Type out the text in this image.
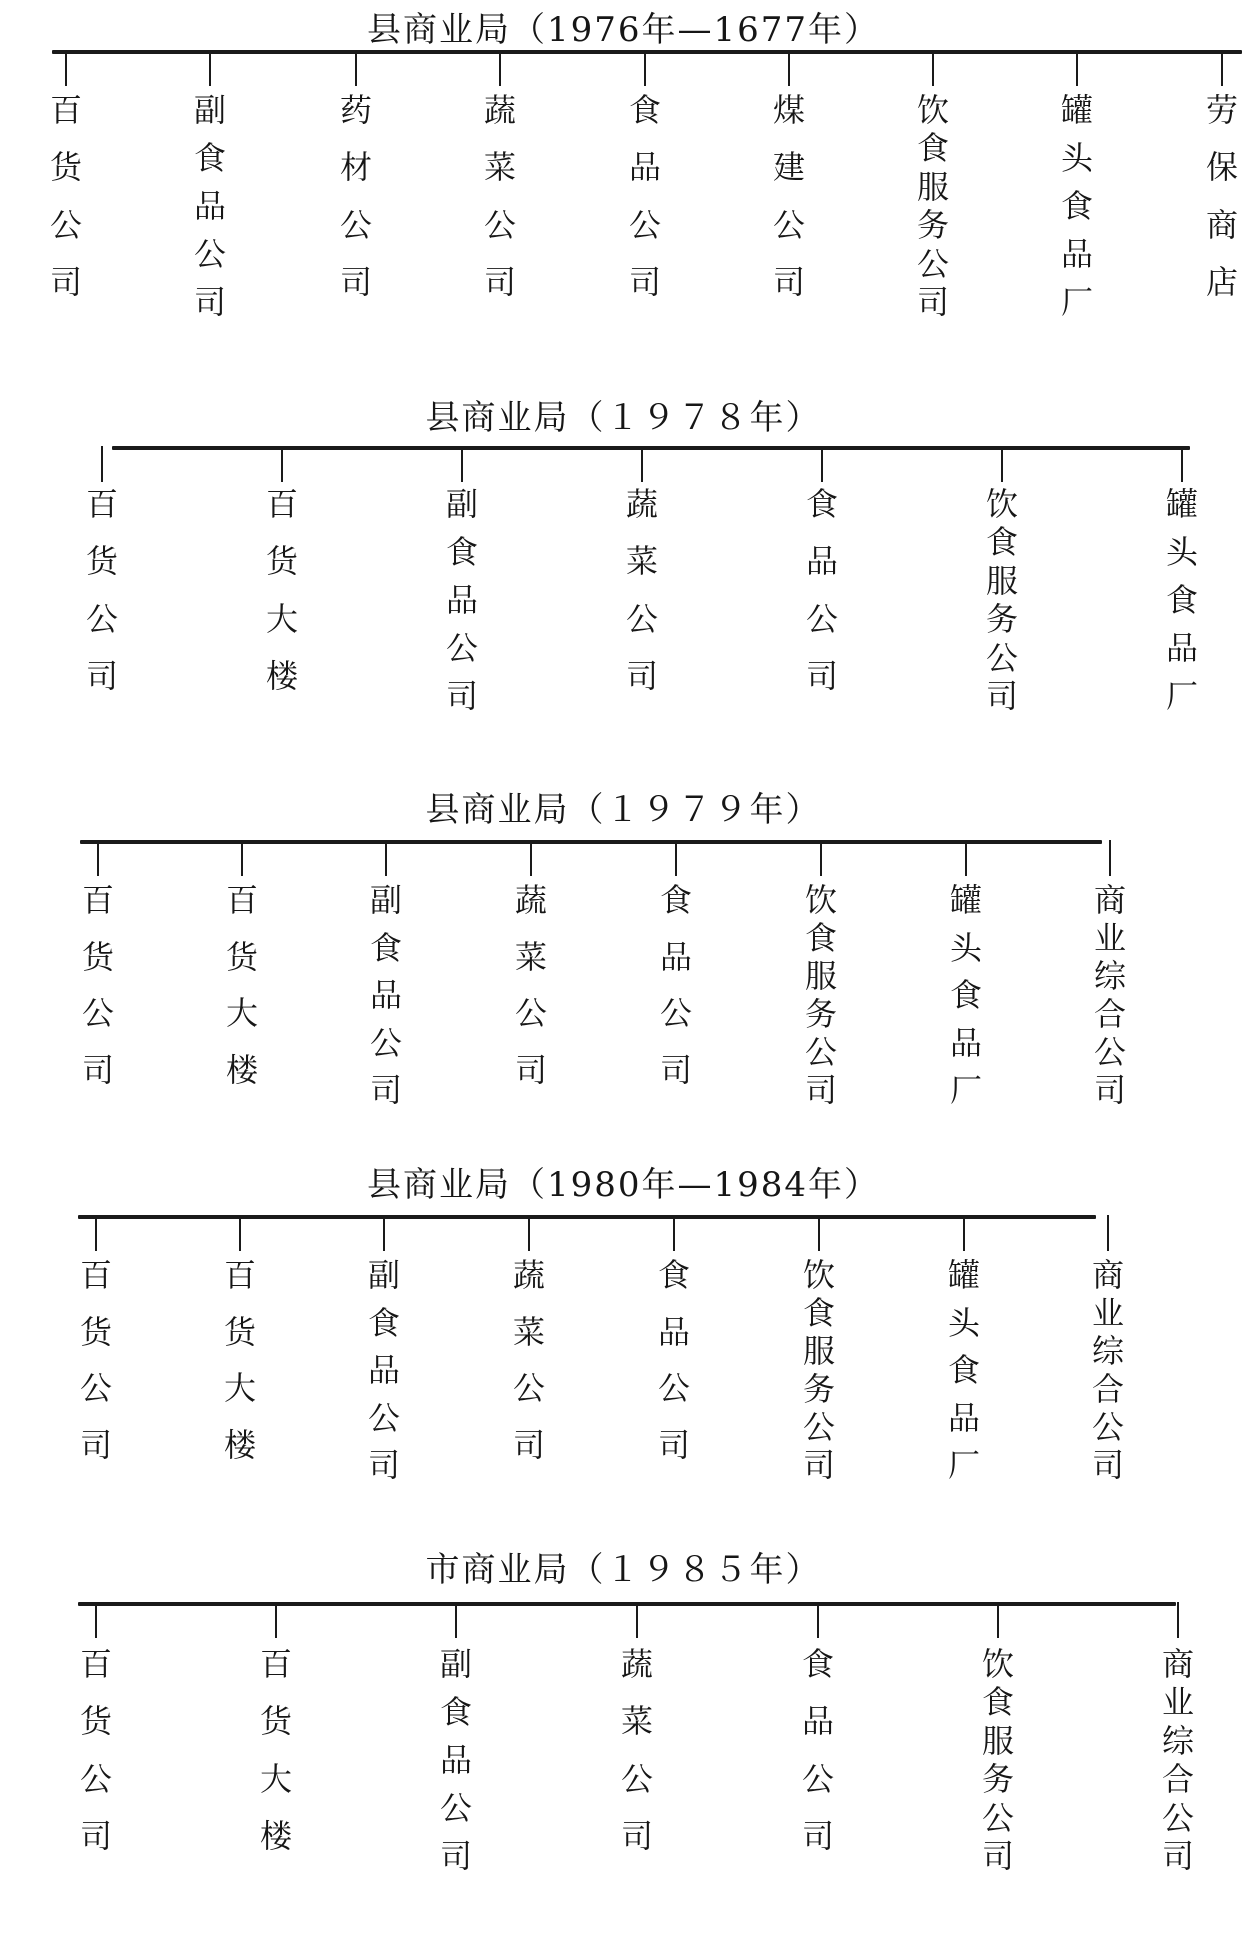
县商业局（1976年—1677年）
百
货
公
司
副
食
品
公
司
药
材
公
司
蔬
菜
公
司
食
品
公
司
煤
建
公
司
饮
食
服
务
公
司
罐
头
食
品
厂
劳
保
商
店
县商业局（１９７８年）
百
货
公
司
百
货
大
楼
副
食
品
公
司
蔬
菜
公
司
食
品
公
司
饮
食
服
务
公
司
罐
头
食
品
厂
县商业局（１９７９年）
百
货
公
司
百
货
大
楼
副
食
品
公
司
蔬
菜
公
司
食
品
公
司
饮
食
服
务
公
司
罐
头
食
品
厂
商
业
综
合
公
司
县商业局（1980年—1984年）
百
货
公
司
百
货
大
楼
副
食
品
公
司
蔬
菜
公
司
食
品
公
司
饮
食
服
务
公
司
罐
头
食
品
厂
商
业
综
合
公
司
市商业局（１９８５年）
百
货
公
司
百
货
大
楼
副
食
品
公
司
蔬
菜
公
司
食
品
公
司
饮
食
服
务
公
司
商
业
综
合
公
司
